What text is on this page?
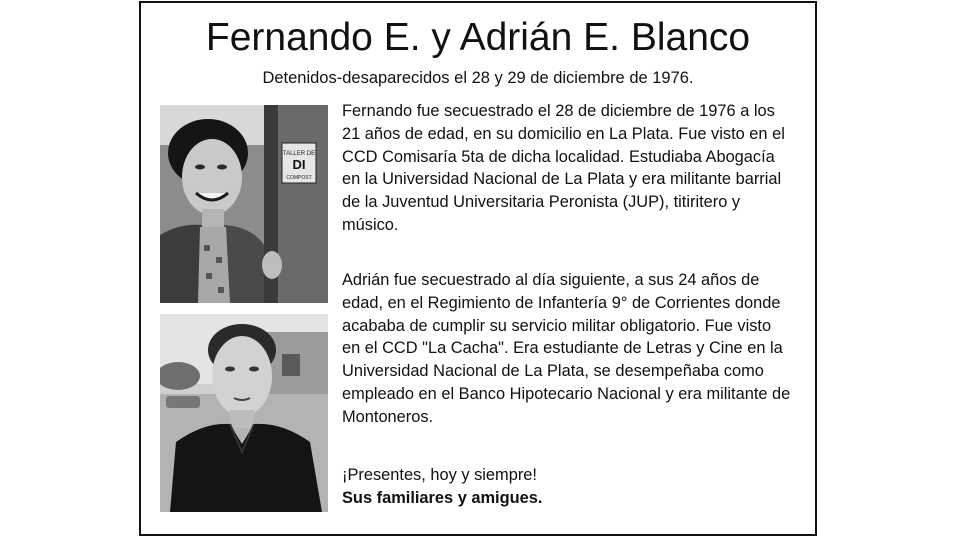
Fernando E. y Adrián E. Blanco
Detenidos-desaparecidos el 28 y 29 de diciembre de 1976.
TALLER DE
DI
COMPOST

Fernando fue secuestrado el 28 de diciembre de 1976 a los 21 años de edad, en su domicilio en La Plata. Fue visto en el CCD Comisaría 5ta de dicha localidad. Estudiaba Abogacía en la Universidad Nacional de La Plata y era militante barrial de la Juventud Universitaria Peronista (JUP), titiritero y músico.

Adrián fue secuestrado al día siguiente, a sus 24 años de edad, en el Regimiento de Infantería 9° de Corrientes donde acababa de cumplir su servicio militar obligatorio. Fue visto en el CCD "La Cacha". Era estudiante de Letras y Cine en la Universidad Nacional de La Plata, se desempeñaba como empleado en el Banco Hipotecario Nacional y era militante de Montoneros.

¡Presentes, hoy y siempre!

Sus familiares y amigues.
